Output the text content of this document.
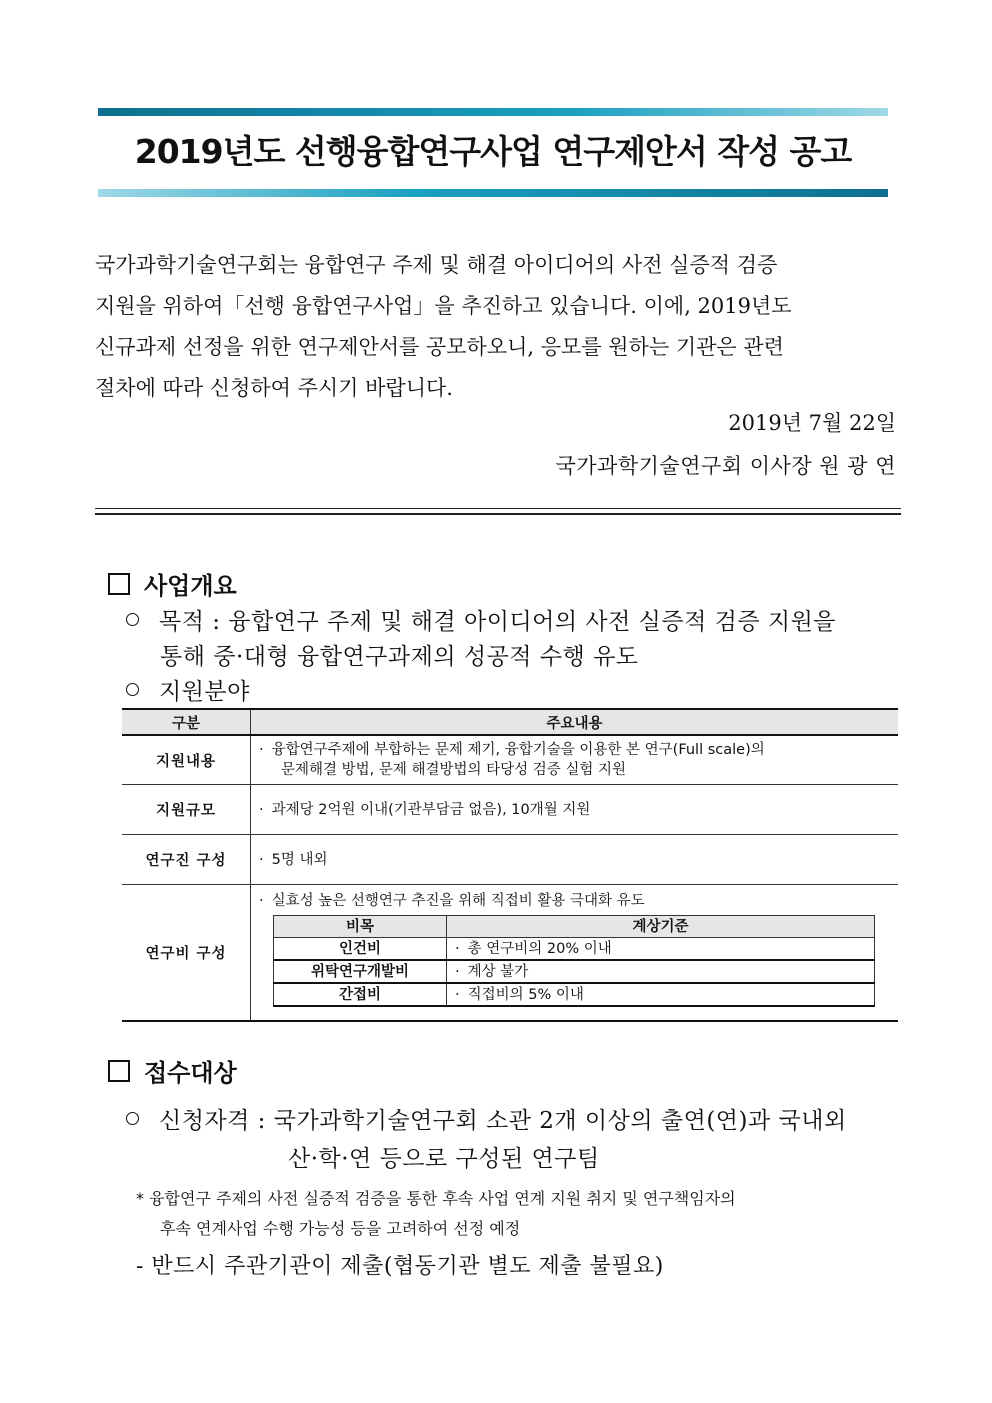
2019년도 선행융합연구사업 연구제안서 작성 공고
국가과학기술연구회는 융합연구 주제 및 해결 아이디어의 사전 실증적 검증
지원을 위하여「선행 융합연구사업」을 추진하고 있습니다. 이에, 2019년도
신규과제 선정을 위한 연구제안서를 공모하오니, 응모를 원하는 기관은 관련
절차에 따라 신청하여 주시기 바랍니다.
2019년 7월 22일
국가과학기술연구회 이사장 원 광 연
사업개요
목적 : 융합연구 주제 및 해결 아이디어의 사전 실증적 검증 지원을
통해 중·대형 융합연구과제의 성공적 수행 유도
지원분야
구분	주요내용
지원내용	· 융합연구주제에 부합하는 문제 제기, 융합기술을 이용한 본 연구(Full scale)의
문제해결 방법, 문제 해결방법의 타당성 검증 실험 지원

지원규모	· 과제당 2억원 이내(기관부담금 없음), 10개월 지원
연구진 구성	· 5명 내외
연구비 구성	· 실효성 높은 선행연구 추진을 위해 직접비 활용 극대화 유도
비목	계상기준
인건비	· 총 연구비의 20% 이내
위탁연구개발비	· 계상 불가
간접비	· 직접비의 5% 이내
접수대상
신청자격 : 국가과학기술연구회 소관 2개 이상의 출연(연)과 국내외
산·학·연 등으로 구성된 연구팀
* 융합연구 주제의 사전 실증적 검증을 통한 후속 사업 연계 지원 취지 및 연구책임자의
후속 연계사업 수행 가능성 등을 고려하여 선정 예정
- 반드시 주관기관이 제출(협동기관 별도 제출 불필요)
